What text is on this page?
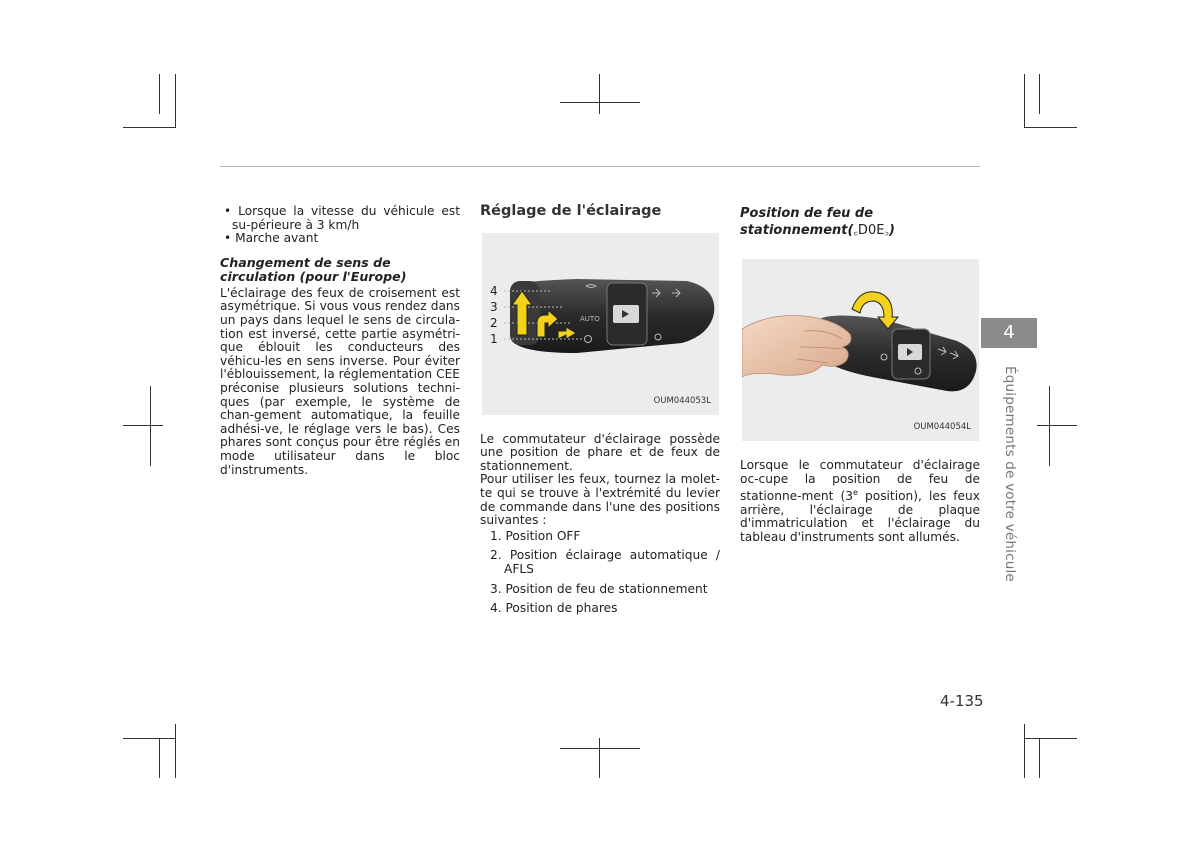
• Lorsque la vitesse du véhicule est su-périeure à 3 km/h

• Marche avant

Changement de sens de circulation (pour l'Europe)

L'éclairage des feux de croisement est asymétrique. Si vous vous rendez dans un pays dans lequel le sens de circula-tion est inversé, cette partie asymétri-que éblouit les conducteurs des véhicu-les en sens inverse. Pour éviter l'éblouissement, la réglementation CEE préconise plusieurs solutions techni-ques (par exemple, le système de chan-gement automatique, la feuille adhési-ve, le réglage vers le bas). Ces phares sont conçus pour être réglés en mode utilisateur dans le bloc d'instruments.

Réglage de l'éclairage
AUTO
4
3
2
1
OUM044053L

Le commutateur d'éclairage possède une position de phare et de feux de stationnement.

Pour utiliser les feux, tournez la molet-te qui se trouve à l'extrémité du levier de commande dans l'une des positions suivantes :

1. Position OFF
2. Position éclairage automatique / AFLS
3. Position de feu de stationnement
4. Position de phares
Position de feu de
stationnement(꜀D0E꜆)
OUM044054L

Lorsque le commutateur d'éclairage oc-cupe la position de feu de stationne-ment (3e position), les feux arrière, l'éclairage de plaque d'immatriculation et l'éclairage du tableau d'instruments sont allumés.

4
Équipements de votre véhicule
4-135
